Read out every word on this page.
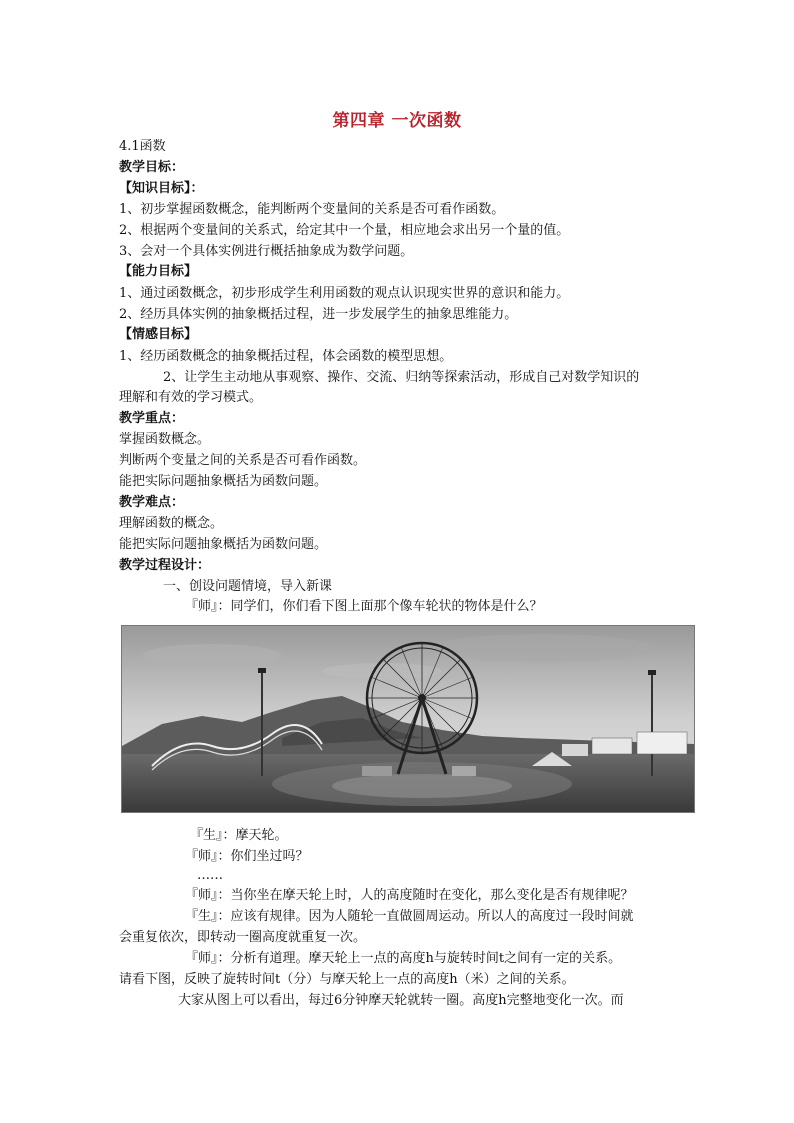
第四章 一次函数
4.1函数
教学目标：
【知识目标】：
1、初步掌握函数概念，能判断两个变量间的关系是否可看作函数。
2、根据两个变量间的关系式，给定其中一个量，相应地会求出另一个量的值。
3、会对一个具体实例进行概括抽象成为数学问题。
【能力目标】
1、通过函数概念，初步形成学生利用函数的观点认识现实世界的意识和能力。
2、经历具体实例的抽象概括过程，进一步发展学生的抽象思维能力。
【情感目标】
1、经历函数概念的抽象概括过程，体会函数的模型思想。
2、让学生主动地从事观察、操作、交流、归纳等探索活动，形成自己对数学知识的
理解和有效的学习模式。
教学重点：
掌握函数概念。
判断两个变量之间的关系是否可看作函数。
能把实际问题抽象概括为函数问题。
教学难点：
理解函数的概念。
能把实际问题抽象概括为函数问题。
教学过程设计：
一、创设问题情境，导入新课
『师』：同学们，你们看下图上面那个像车轮状的物体是什么？
『生』：摩天轮。
『师』：你们坐过吗？
……
『师』：当你坐在摩天轮上时，人的高度随时在变化，那么变化是否有规律呢？
『生』：应该有规律。因为人随轮一直做圆周运动。所以人的高度过一段时间就
会重复依次，即转动一圈高度就重复一次。
『师』：分析有道理。摩天轮上一点的高度h与旋转时间t之间有一定的关系。
请看下图，反映了旋转时间t（分）与摩天轮上一点的高度h（米）之间的关系。
大家从图上可以看出，每过6分钟摩天轮就转一圈。高度h完整地变化一次。而
